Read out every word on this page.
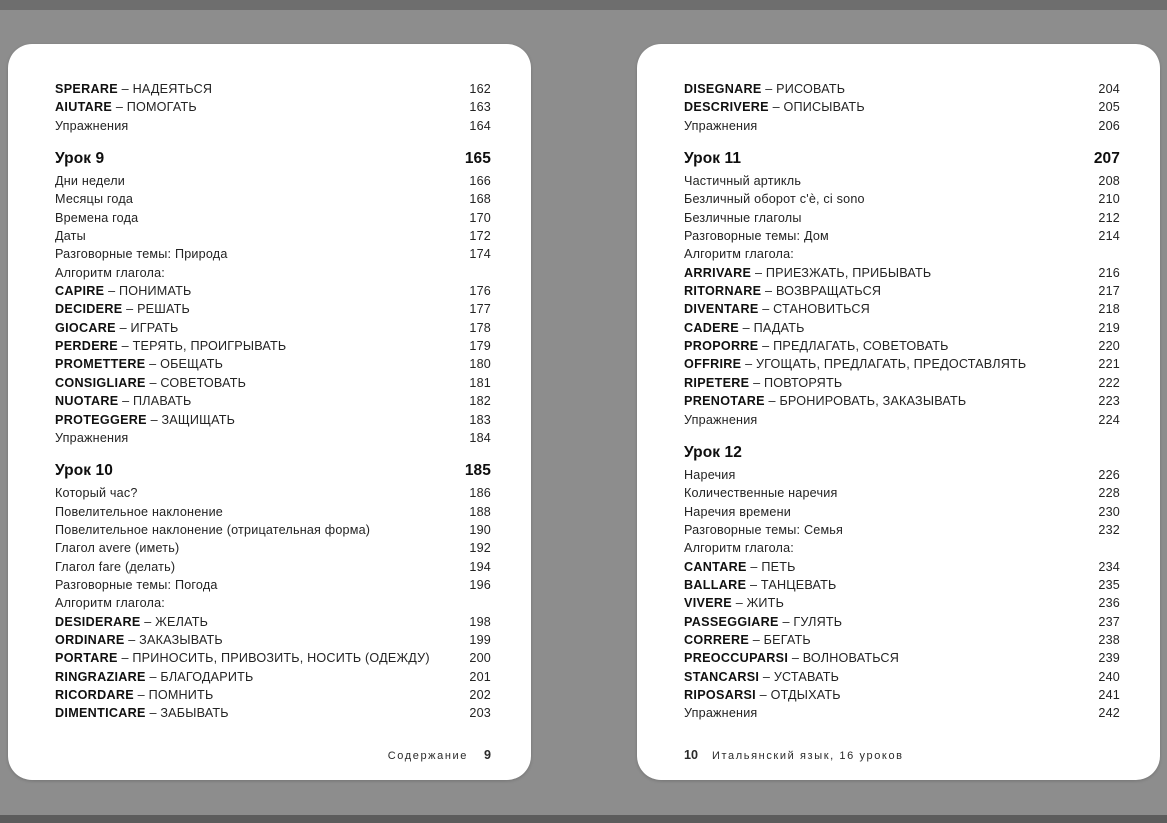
SPERARE – НАДЕЯТЬСЯ	162
AIUTARE – ПОМОГАТЬ	163
Упражнения	164
Урок 9	165
Дни недели	166
Месяцы года	168
Времена года	170
Даты	172
Разговорные темы: Природа	174
Алгоритм глагола:
CAPIRE – ПОНИМАТЬ	176
DECIDERE – РЕШАТЬ	177
GIOCARE – ИГРАТЬ	178
PERDERE – ТЕРЯТЬ, ПРОИГРЫВАТЬ	179
PROMETTERE – ОБЕЩАТЬ	180
CONSIGLIARE – СОВЕТОВАТЬ	181
NUOTARE – ПЛАВАТЬ	182
PROTEGGERE – ЗАЩИЩАТЬ	183
Упражнения	184
Урок 10	185
Который час?	186
Повелительное наклонение	188
Повелительное наклонение (отрицательная форма)	190
Глагол avere (иметь)	192
Глагол fare (делать)	194
Разговорные темы: Погода	196
Алгоритм глагола:
DESIDERARE – ЖЕЛАТЬ	198
ORDINARE – ЗАКАЗЫВАТЬ	199
PORTARE – ПРИНОСИТЬ, ПРИВОЗИТЬ, НОСИТЬ (ОДЕЖДУ)	200
RINGRAZIARE – БЛАГОДАРИТЬ	201
RICORDARE – ПОМНИТЬ	202
DIMENTICARE – ЗАБЫВАТЬ	203
Содержание 9
DISEGNARE – РИСОВАТЬ	204
DESCRIVERE – ОПИСЫВАТЬ	205
Упражнения	206
Урок 11	207
Частичный артикль	208
Безличный оборот c'è, ci sono	210
Безличные глаголы	212
Разговорные темы: Дом	214
Алгоритм глагола:
ARRIVARE – ПРИЕЗЖАТЬ, ПРИБЫВАТЬ	216
RITORNARE – ВОЗВРАЩАТЬСЯ	217
DIVENTARE – СТАНОВИТЬСЯ	218
CADERE – ПАДАТЬ	219
PROPORRE – ПРЕДЛАГАТЬ, СОВЕТОВАТЬ	220
OFFRIRE – УГОЩАТЬ, ПРЕДЛАГАТЬ, ПРЕДОСТАВЛЯТЬ	221
RIPETERE – ПОВТОРЯТЬ	222
PRENOTARE – БРОНИРОВАТЬ, ЗАКАЗЫВАТЬ	223
Упражнения	224
Урок 12
Наречия	226
Количественные наречия	228
Наречия времени	230
Разговорные темы: Семья	232
Алгоритм глагола:
CANTARE – ПЕТЬ	234
BALLARE – ТАНЦЕВАТЬ	235
VIVERE – ЖИТЬ	236
PASSEGGIARE – ГУЛЯТЬ	237
CORRERE – БЕГАТЬ	238
PREOCCUPARSI – ВОЛНОВАТЬСЯ	239
STANCARSI – УСТАВАТЬ	240
RIPOSARSI – ОТДЫХАТЬ	241
Упражнения	242
10 Итальянский язык, 16 уроков
